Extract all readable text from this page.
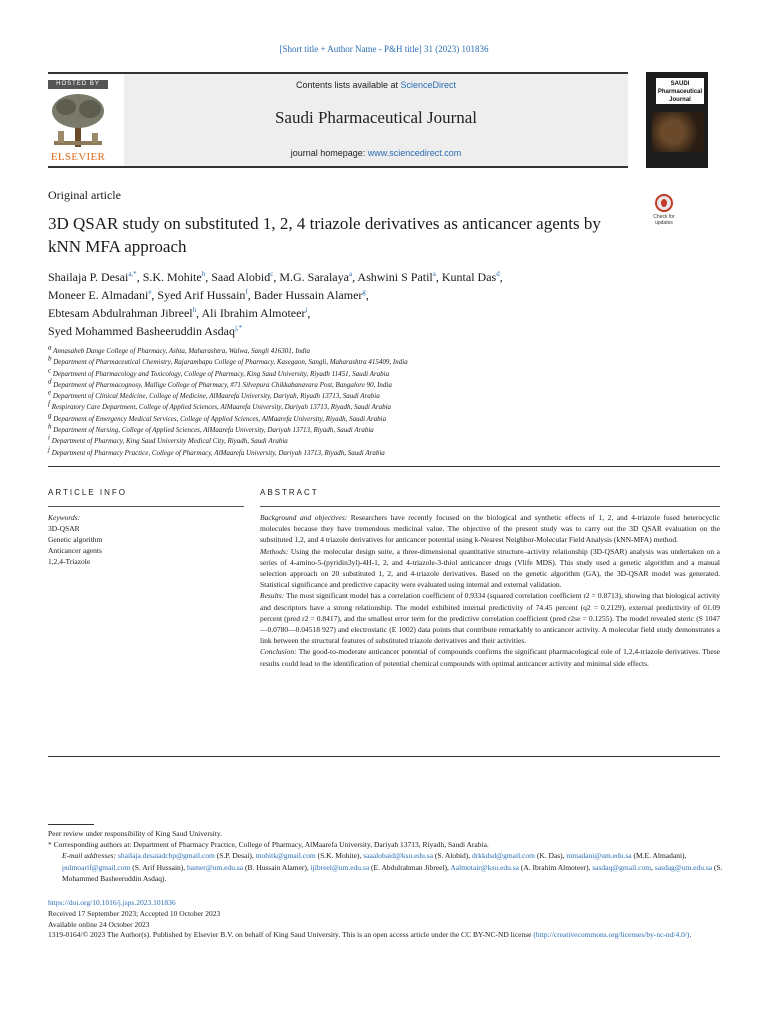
[Short title + Author Name - P&H title] 31 (2023) 101836
HOSTED BY
ELSEVIER
Contents lists available at ScienceDirect
Saudi Pharmaceutical Journal
journal homepage: www.sciencedirect.com
SAUDI Pharmaceutical Journal
Original article
3D QSAR study on substituted 1, 2, 4 triazole derivatives as anticancer agents by kNN MFA approach
Check for updates
Shailaja P. Desai$^{a,*}$, S.K. Mohite$^b$, Saad Alobid$^c$, M.G. Saralaya$^a$, Ashwini S Patil$^a$, Kuntal Das$^d$,
Moneer E. Almadani$^e$, Syed Arif Hussain$^f$, Bader Hussain Alamer$^g$,
Ebtesam Abdulrahman Jibreel$^h$, Ali Ibrahim Almoteer$^i$,
Syed Mohammed Basheeruddin Asdaq$^{j,*}$
$^a$ Annasaheb Dange College of Pharmacy, Ashta, Maharashtra, Walwa, Sangli 416301, India
$^b$ Department of Pharmaceutical Chemistry, Rajarambapu College of Pharmacy, Kasegaon, Sangli, Maharashtra 415409, India
$^c$ Department of Pharmacology and Toxicology, College of Pharmacy, King Saud University, Riyadh 11451, Saudi Arabia
$^d$ Department of Pharmacognosy, Mallige College of Pharmacy, #71 Silvepura Chikkabanavara Post, Bangalore 90, India
$^e$ Department of Clinical Medicine, College of Medicine, AlMaarefa University, Dariyah, Riyadh 13713, Saudi Arabia
$^f$ Respiratory Care Department, College of Applied Sciences, AlMaarefa University, Dariyah 13713, Riyadh, Saudi Arabia
$^g$ Department of Emergency Medical Services, College of Applied Sciences, AlMaarefa University, Riyadh, Saudi Arabia
$^h$ Department of Nursing, College of Applied Sciences, AlMaarefa University, Dariyah 13713, Riyadh, Saudi Arabia
$^i$ Department of Pharmacy, King Saud University Medical City, Riyadh, Saudi Arabia
$^j$ Department of Pharmacy Practice, College of Pharmacy, AlMaarefa University, Dariyah 13713, Riyadh, Saudi Arabia
ARTICLE INFO	ABSTRACT
Keywords:
3D-QSAR
Genetic algorithm
Anticancer agents
1,2,4-Triazole

Background and objectives: Researchers have recently focused on the biological and synthetic effects of 1, 2, and 4-triazole fused heterocyclic molecules because they have tremendous medicinal value. The objective of the present study was to carry out the 3D QSAR evaluation on the substituted 1,2, and 4 triazole derivatives for anticancer potential using k-Nearest Neighbor-Molecular Field Analysis (kNN-MFA) method.

Methods: Using the molecular design suite, a three-dimensional quantitative structure–activity relationship (3D-QSAR) analysis was undertaken on a series of 4-amino-5-(pyridin3yl)-4H-1, 2, and 4-triazole-3-thiol anticancer drugs (Vlife MDS). This study used a genetic algorithm and a manual selection approach on 20 substituted 1, 2, and 4-triazole derivatives. Based on the genetic algorithm (GA), the 3D-QSAR model was generated. Statistical significance and predictive capacity were evaluated using internal and external validation.

Results: The most significant model has a correlation coefficient of 0.9334 (squared correlation coefficient r2 = 0.8713), showing that biological activity and descriptors have a strong relationship. The model exhibited internal predictivity of 74.45 percent (q2 = 0.2129), external predictivity of 01.09 percent (pred r2 = 0.8417), and the smallest error term for the predictive correlation coefficient (pred r2se = 0.1255). The model revealed steric (S 1047—0.0780—0.04518 927) and electrostatic (E 1002) data points that contribute remarkably to anticancer activity. A molecular field study demonstrates a link between the structural features of substituted triazole derivatives and their activities.

Conclusion: The good-to-moderate anticancer potential of compounds confirms the significant pharmacological role of 1,2,4-triazole derivatives. These results could lead to the identification of potential chemical compounds with optimal anticancer activity and minimal side effects.

Peer review under responsibility of King Saud University.

* Corresponding authors at: Department of Pharmacy Practice, College of Pharmacy, AlMaarefa University, Dariyah 13713, Riyadh, Saudi Arabia.

E-mail addresses: shailaja.desaiadcbp@gmail.com (S.P. Desai), mohitk@gmail.com (S.K. Mohite), saaalobaid@ksu.edu.sa (S. Alobid), drkkdsd@gmail.com (K. Das), mmadani@um.edu.sa (M.E. Almadani), pulmoarif@gmail.com (S. Arif Hussain), bamer@um.edu.sa (B. Hussain Alamer), ijibreel@um.edu.sa (E. Abdulrahman Jibreel), Aalmotair@ksu.edu.sa (A. Ibrahim Almoteer), sasdaq@gmail.com, sasdag@um.edu.sa (S. Mohammed Basheeruddin Asdaq).

https://doi.org/10.1016/j.jsps.2023.101836

Received 17 September 2023; Accepted 10 October 2023

Available online 24 October 2023

1319-0164/© 2023 The Author(s). Published by Elsevier B.V. on behalf of King Saud University. This is an open access article under the CC BY-NC-ND license (http://creativecommons.org/licenses/by-nc-nd/4.0/).
